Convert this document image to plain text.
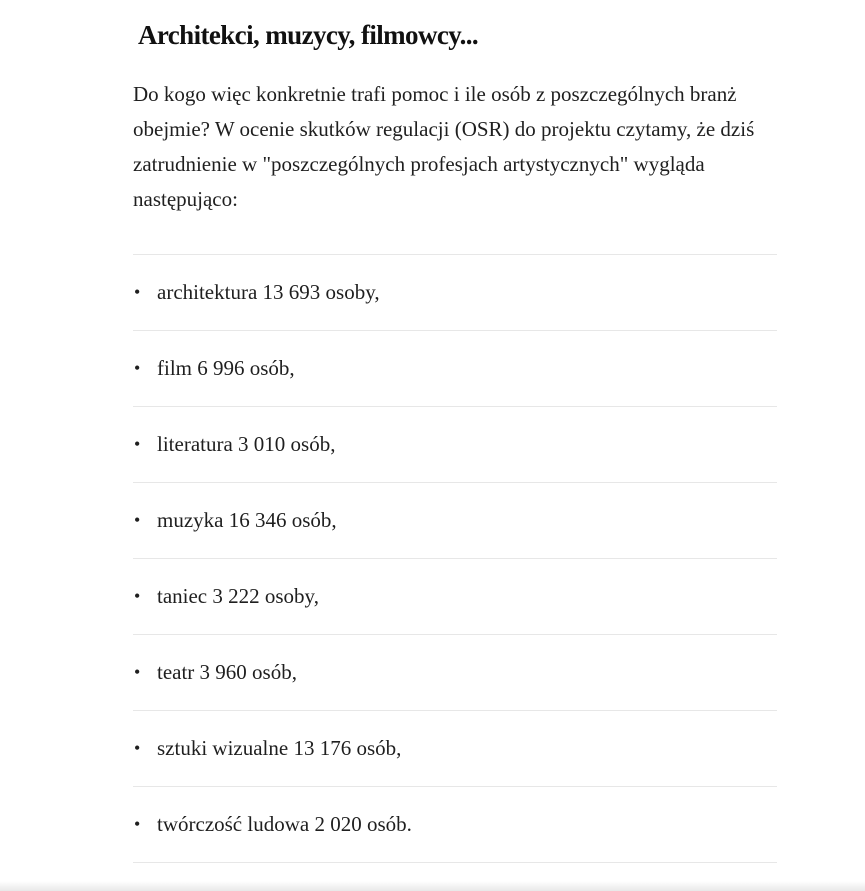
Architekci, muzycy, filmowcy...

Do kogo więc konkretnie trafi pomoc i ile osób z poszczególnych branż obejmie? W ocenie skutków regulacji (OSR) do projektu czytamy, że dziś zatrudnienie w "poszczególnych profesjach artystycznych" wygląda następująco:

• architektura 13 693 osoby,
• film 6 996 osób,
• literatura 3 010 osób,
• muzyka 16 346 osób,
• taniec 3 222 osoby,
• teatr 3 960 osób,
• sztuki wizualne 13 176 osób,
• twórczość ludowa 2 020 osób.
